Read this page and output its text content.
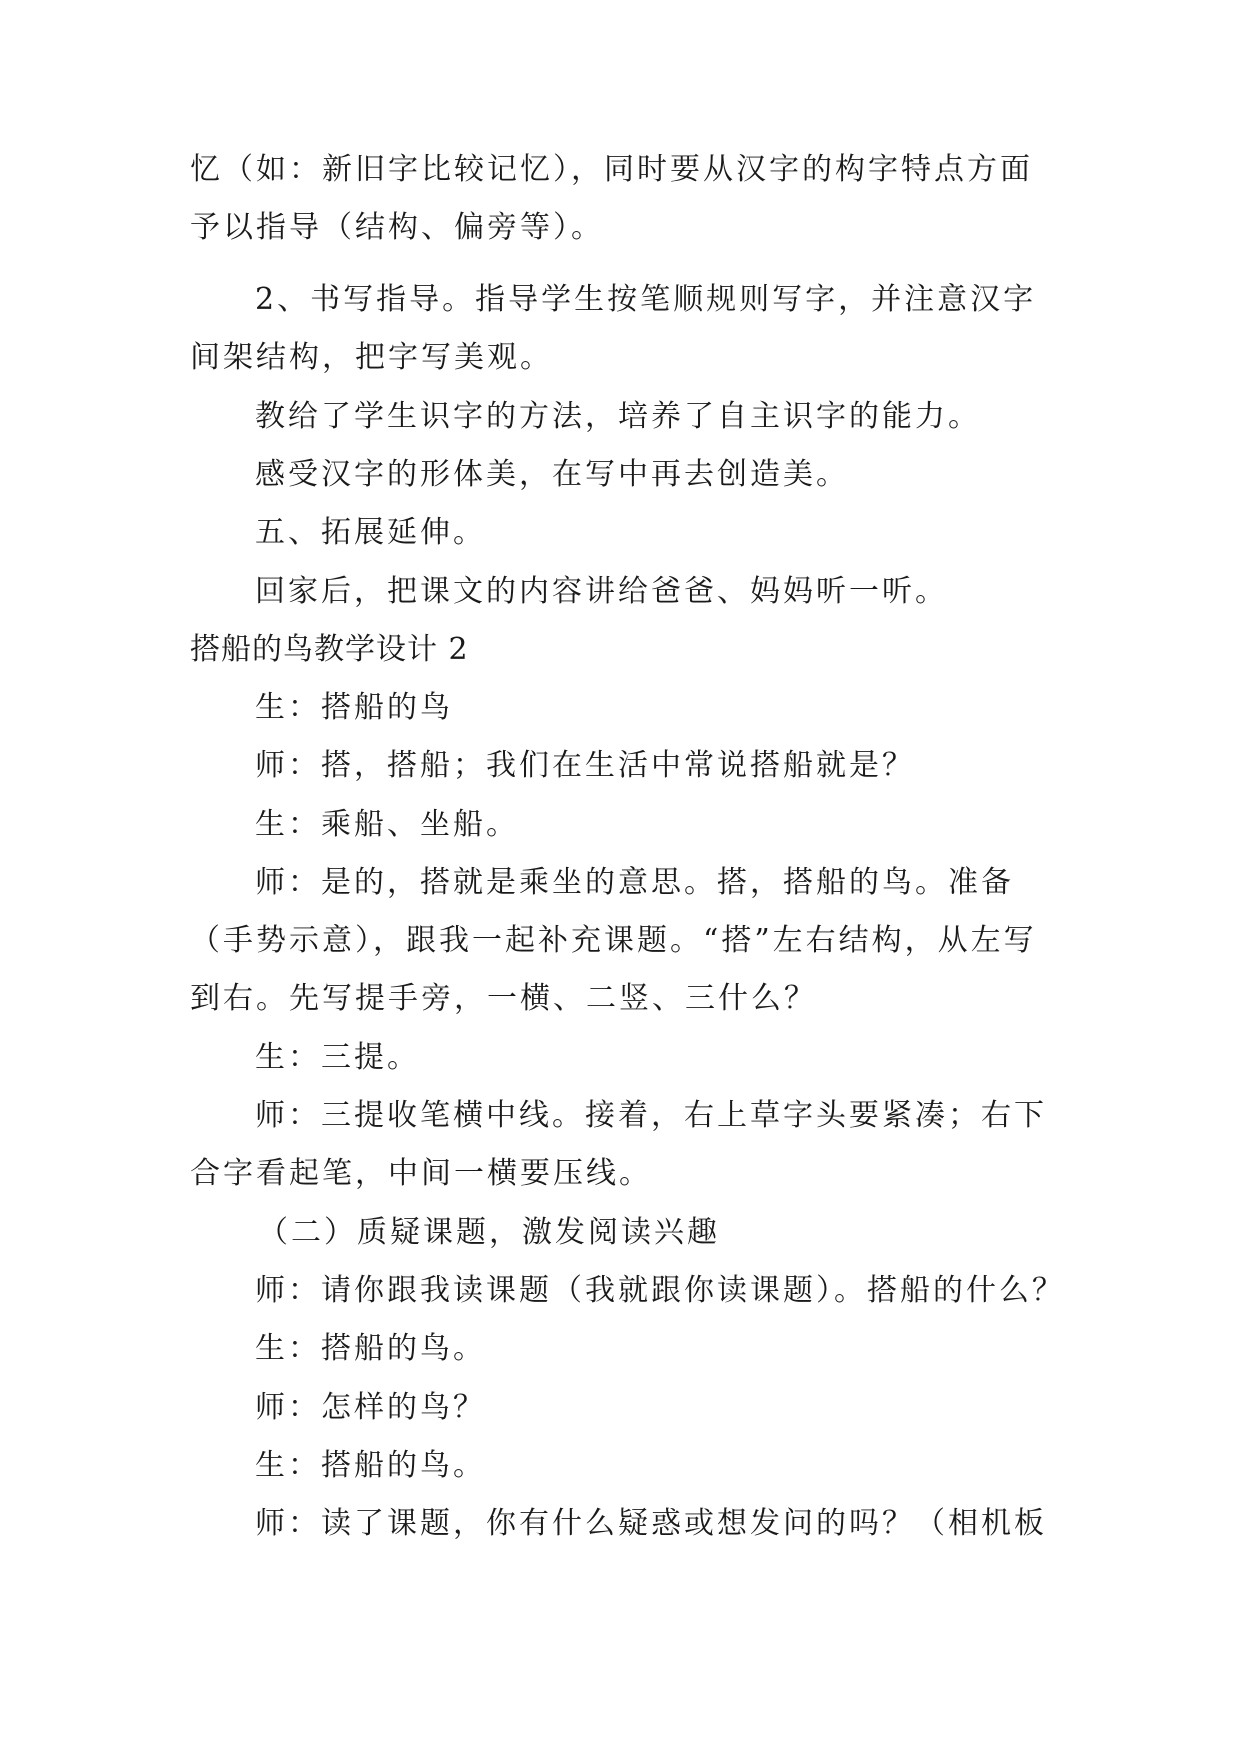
忆（如：新旧字比较记忆），同时要从汉字的构字特点方面
予以指导（结构、偏旁等）。
2、书写指导。指导学生按笔顺规则写字，并注意汉字
间架结构，把字写美观。
教给了学生识字的方法，培养了自主识字的能力。
感受汉字的形体美，在写中再去创造美。
五、拓展延伸。
回家后，把课文的内容讲给爸爸、妈妈听一听。
搭船的鸟教学设计 2
生：搭船的鸟
师：搭，搭船；我们在生活中常说搭船就是？
生：乘船、坐船。
师：是的，搭就是乘坐的意思。搭，搭船的鸟。准备
（手势示意），跟我一起补充课题。“搭”左右结构，从左写
到右。先写提手旁，一横、二竖、三什么？
生：三提。
师：三提收笔横中线。接着，右上草字头要紧凑；右下
合字看起笔，中间一横要压线。
（二）质疑课题，激发阅读兴趣
师：请你跟我读课题（我就跟你读课题）。搭船的什么？
生：搭船的鸟。
师：怎样的鸟？
生：搭船的鸟。
师：读了课题，你有什么疑惑或想发问的吗？（相机板
